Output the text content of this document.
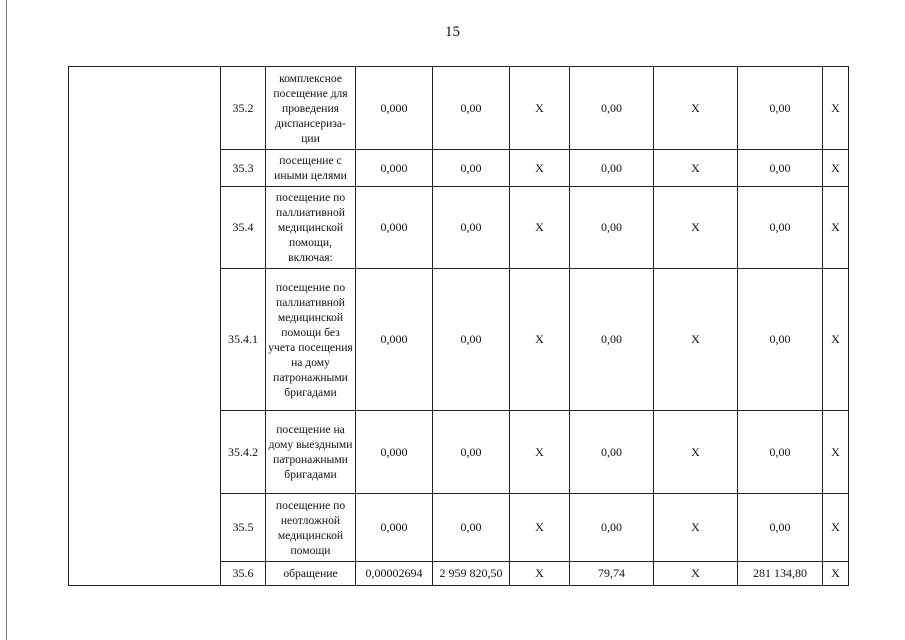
15
	35.2	комплексное посещение для проведения диспансериза-ции	0,000	0,00	Х	0,00	Х	0,00	Х
	35.3	посещение с иными целями	0,000	0,00	Х	0,00	Х	0,00	Х
	35.4	посещение по паллиативной медицинской помощи, включая:	0,000	0,00	Х	0,00	Х	0,00	Х
	35.4.1	посещение по паллиативной медицинской помощи без учета посещения на дому патронажными бригадами	0,000	0,00	Х	0,00	Х	0,00	Х
	35.4.2	посещение на дому выездными патронажными бригадами	0,000	0,00	Х	0,00	Х	0,00	Х
	35.5	посещение по неотложной медицинской помощи	0,000	0,00	Х	0,00	Х	0,00	Х
	35.6	обращение	0,00002694	2 959 820,50	Х	79,74	Х	281 134,80	Х
